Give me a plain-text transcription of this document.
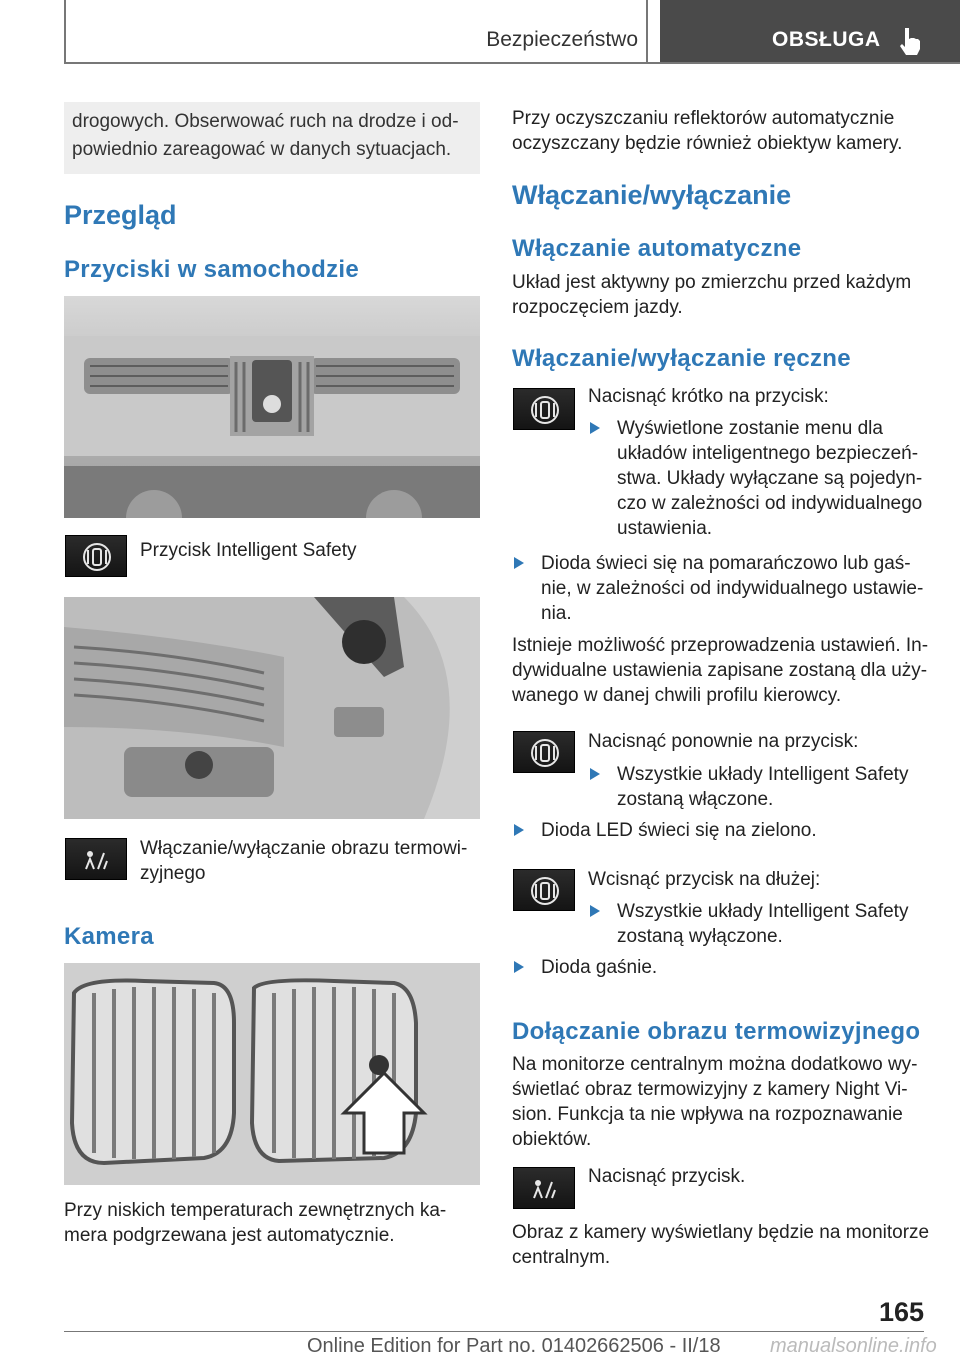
Bezpieczeństwo	OBSŁUGA
drogowych. Obserwować ruch na drodze i od‐powiednio zareagować w danych sytuacjach.
Przegląd
Przyciski w samochodzie
Przycisk Intelligent Safety
Włączanie/wyłączanie obrazu termowi‐zyjnego
Kamera
Przy niskich temperaturach zewnętrznych ka‐mera podgrzewana jest automatycznie.
Przy oczyszczaniu reflektorów automatycznie oczyszczany będzie również obiektyw kamery.
Włączanie/wyłączanie
Włączanie automatyczne
Układ jest aktywny po zmierzchu przed każdym rozpoczęciem jazdy.
Włączanie/wyłączanie ręczne
Nacisnąć krótko na przycisk:
Wyświetlone zostanie menu dla układów inteligentnego bezpieczeń‐stwa. Układy wyłączane są pojedyn‐czo w zależności od indywidualnego ustawienia.
Dioda świeci się na pomarańczowo lub gaś‐nie, w zależności od indywidualnego ustawie‐nia.
Istnieje możliwość przeprowadzenia ustawień. In‐dywidualne ustawienia zapisane zostaną dla uży‐wanego w danej chwili profilu kierowcy.
Nacisnąć ponownie na przycisk:
Wszystkie układy Intelligent Safety zostaną włączone.
Dioda LED świeci się na zielono.
Wcisnąć przycisk na dłużej:
Wszystkie układy Intelligent Safety zostaną wyłączone.
Dioda gaśnie.
Dołączanie obrazu termowizyjnego
Na monitorze centralnym można dodatkowo wy‐świetlać obraz termowizyjny z kamery Night Vi‐sion. Funkcja ta nie wpływa na rozpoznawanie obiektów.
Nacisnąć przycisk.
Obraz z kamery wyświetlany będzie na monitorze centralnym.
165
Online Edition for Part no. 01402662506 - II/18 manualsonline.info
